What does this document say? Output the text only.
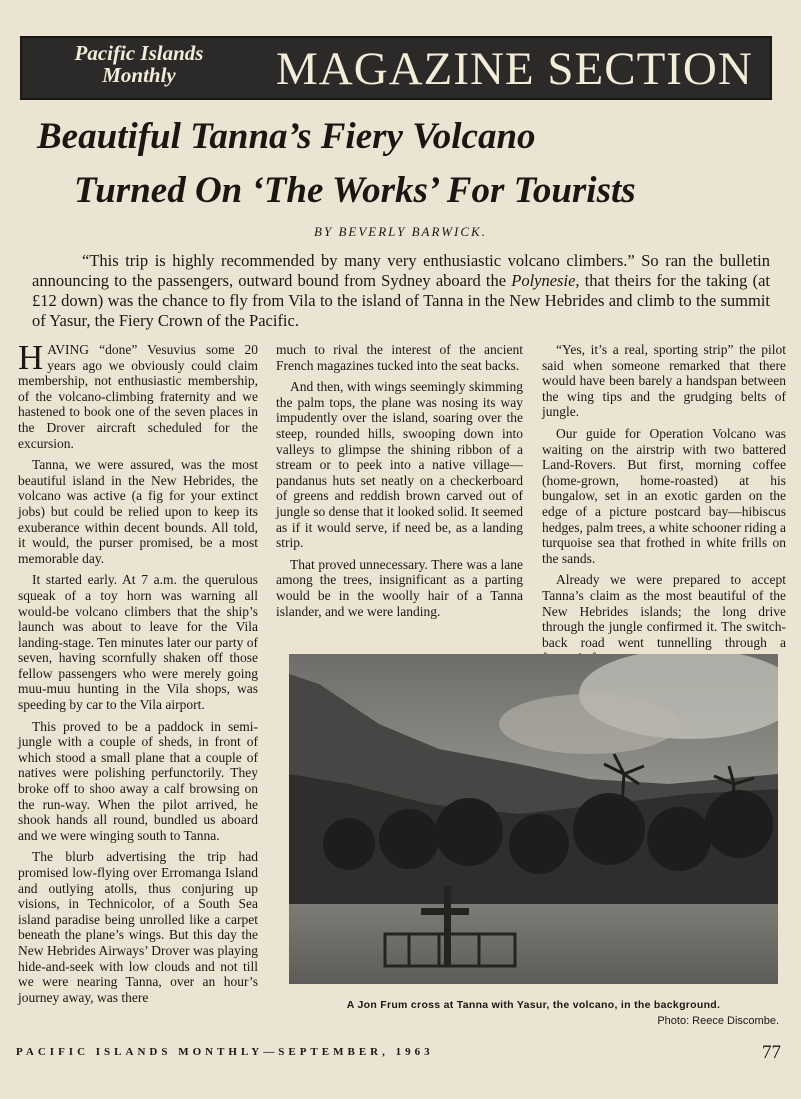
Pacific Islands
Monthly	MAGAZINE SECTION
Beautiful Tanna’s Fiery Volcano
Turned On ‘The Works’ For Tourists
BY BEVERLY BARWICK.
“This trip is highly recommended by many very enthusiastic volcano climbers.” So ran the bulletin announcing to the passengers, outward bound from Sydney aboard the Polynesie, that theirs for the taking (at £12 down) was the chance to fly from Vila to the island of Tanna in the New Hebrides and climb to the summit of Yasur, the Fiery Crown of the Pacific.

HAVING “done” Vesuvius some 20 years ago we obviously could claim membership, not enthusiastic membership, of the volcano-climbing fraternity and we hastened to book one of the seven places in the Drover aircraft scheduled for the excursion.

Tanna, we were assured, was the most beautiful island in the New Hebrides, the volcano was active (a fig for your extinct jobs) but could be relied upon to keep its exuberance within decent bounds. All told, it would, the purser promised, be a most memorable day.

It started early. At 7 a.m. the querulous squeak of a toy horn was warning all would-be volcano climbers that the ship’s launch was about to leave for the Vila landing-stage. Ten minutes later our party of seven, having scornfully shaken off those fellow passengers who were merely going muu-muu hunting in the Vila shops, was speeding by car to the Vila airport.

This proved to be a paddock in semi-jungle with a couple of sheds, in front of which stood a small plane that a couple of natives were polishing perfunctorily. They broke off to shoo away a calf browsing on the run-way. When the pilot arrived, he shook hands all round, bundled us aboard and we were winging south to Tanna.

The blurb advertising the trip had promised low-flying over Erromanga Island and outlying atolls, thus conjuring up visions, in Technicolor, of a South Sea island paradise being unrolled like a carpet beneath the plane’s wings. But this day the New Hebrides Airways’ Drover was playing hide-and-seek with low clouds and not till we were nearing Tanna, over an hour’s journey away, was there

much to rival the interest of the ancient French magazines tucked into the seat backs.

And then, with wings seemingly skimming the palm tops, the plane was nosing its way impudently over the island, soaring over the steep, rounded hills, swooping down into valleys to glimpse the shining ribbon of a stream or to peek into a native village—pandanus huts set neatly on a checkerboard of greens and reddish brown carved out of jungle so dense that it looked solid. It seemed as if it would serve, if need be, as a landing strip.

That proved unnecessary. There was a lane among the trees, insignificant as a parting would be in the woolly hair of a Tanna islander, and we were landing.

“Yes, it’s a real, sporting strip” the pilot said when someone remarked that there would have been barely a handspan between the wing tips and the grudging belts of jungle.

Our guide for Operation Volcano was waiting on the airstrip with two battered Land-Rovers. But first, morning coffee (home-grown, home-roasted) at his bungalow, set in an exotic garden on the edge of a picture postcard bay—hibiscus hedges, palm trees, a white schooner riding a turquoise sea that frothed in white frills on the sands.

Already we were prepared to accept Tanna’s claim as the most beautiful of the New Hebrides islands; the long drive through the jungle confirmed it. The switch-back road went tunnelling through a

A Jon Frum cross at Tanna with Yasur, the volcano, in the background.
Photo: Reece Discombe.
PACIFIC ISLANDS MONTHLY—SEPTEMBER, 1963	77
